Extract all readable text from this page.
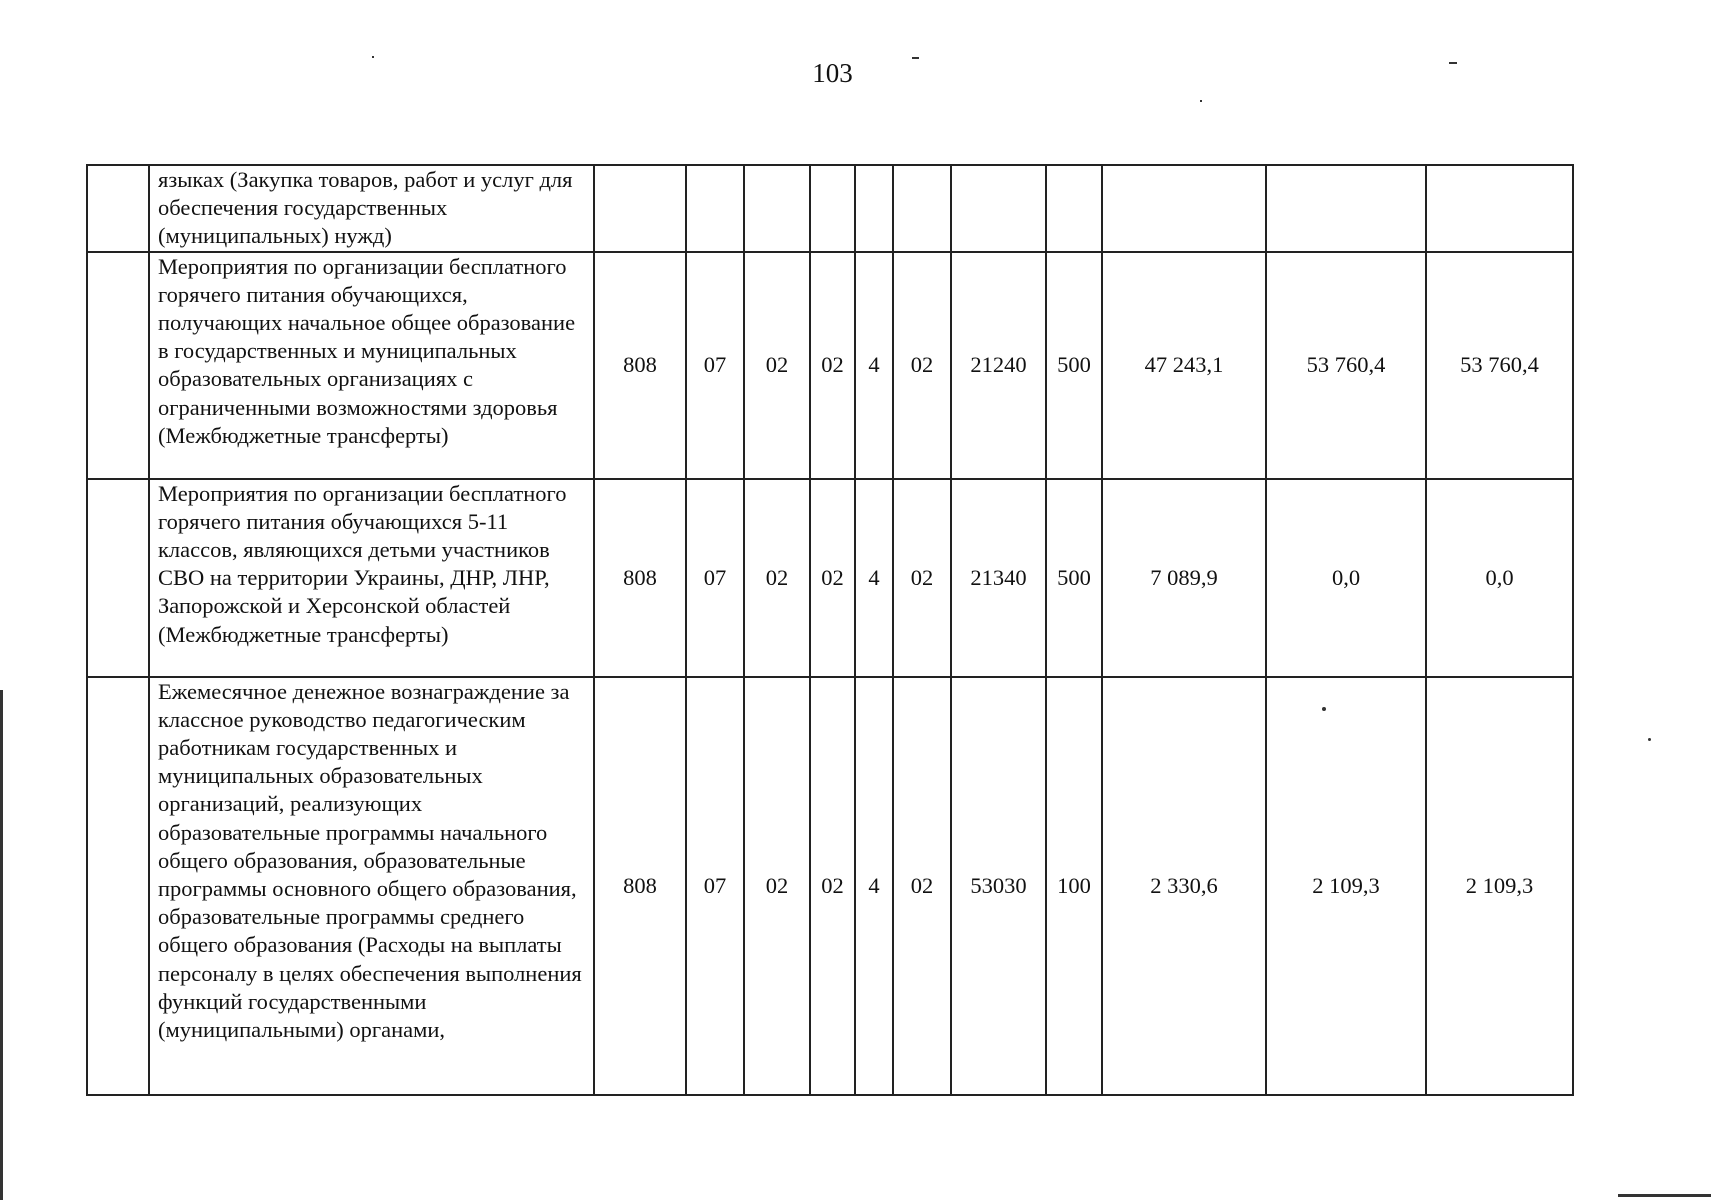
103
	языках (Закупка товаров, работ и услуг для обеспечения государственных (муниципальных) нужд)											
	Мероприятия по организации бесплатного горячего питания обучающихся, получающих начальное общее образование в государственных и муниципальных образовательных организациях с ограниченными возможностями здоровья (Межбюджетные трансферты)	808	07	02	02	4	02	21240	500	47 243,1	53 760,4	53 760,4
	Мероприятия по организации бесплатного горячего питания обучающихся 5-11 классов, являющихся детьми участников СВО на территории Украины, ДНР, ЛНР, Запорожской и Херсонской областей (Межбюджетные трансферты)	808	07	02	02	4	02	21340	500	7 089,9	0,0	0,0
	Ежемесячное денежное вознаграждение за классное руководство педагогическим работникам государственных и муниципальных образовательных организаций, реализующих образовательные программы начального общего образования, образовательные программы основного общего образования, образовательные программы среднего общего образования (Расходы на выплаты персоналу в целях обеспечения выполнения функций государственными (муниципальными) органами,	808	07	02	02	4	02	53030	100	2 330,6	2 109,3	2 109,3
